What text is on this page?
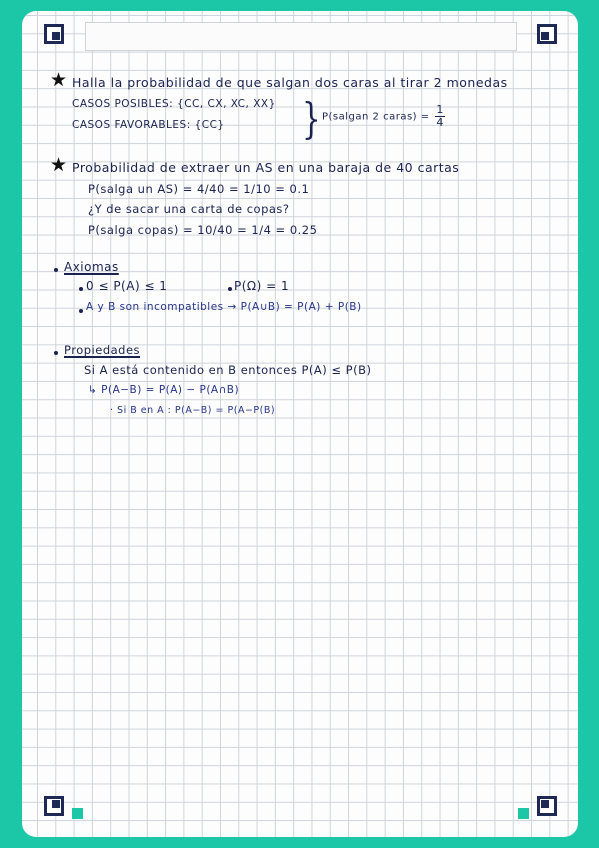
★ Halla la probabilidad de que salgan dos caras al tirar 2 monedas
CASOS POSIBLES: {CC, CX, XC, XX}
CASOS FAVORABLES: {CC} } P(salgan 2 caras) = $\frac{1}{4}$
★ Probabilidad de extraer un AS en una baraja de 40 cartas
P(salga un AS) = 4/40 = 1/10 = 0.1
¿Y de sacar una carta de copas?
P(salga copas) = 10/40 = 1/4 = 0.25
Axiomas
0 ≤ P(A) ≤ 1	P(Ω) = 1
A y B son incompatibles → P(A∪B) = P(A) + P(B)
Propiedades
Si A está contenido en B entonces P(A) ≤ P(B)
↳ P(A−B) = P(A) − P(A∩B)
· Si B en A : P(A−B) = P(A−P(B)
